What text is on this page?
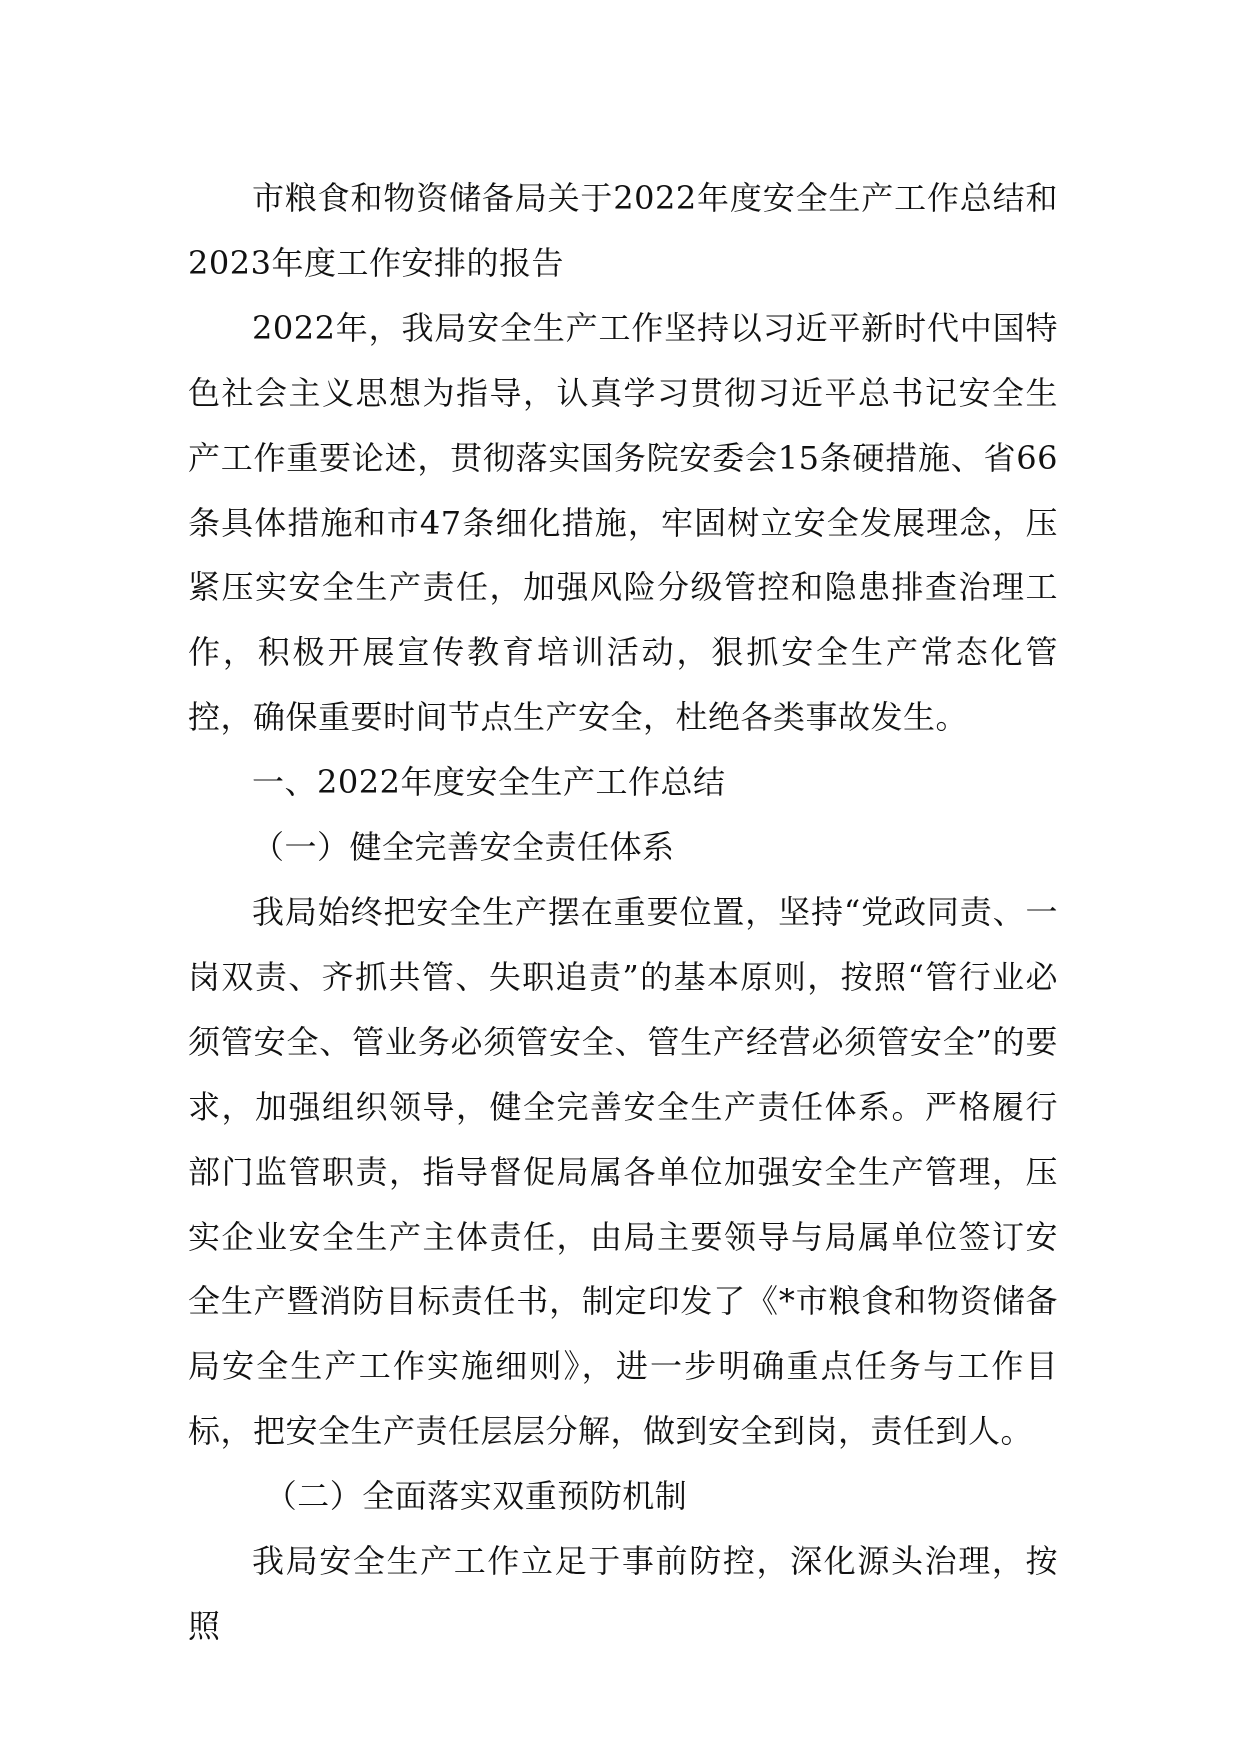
市粮食和物资储备局关于2022年度安全生产工作总结和2023年度工作安排的报告

2022年，我局安全生产工作坚持以习近平新时代中国特色社会主义思想为指导，认真学习贯彻习近平总书记安全生产工作重要论述，贯彻落实国务院安委会15条硬措施、省66条具体措施和市47条细化措施，牢固树立安全发展理念，压紧压实安全生产责任，加强风险分级管控和隐患排查治理工作，积极开展宣传教育培训活动，狠抓安全生产常态化管控，确保重要时间节点生产安全，杜绝各类事故发生。

一、2022年度安全生产工作总结

（一）健全完善安全责任体系

我局始终把安全生产摆在重要位置，坚持“党政同责、一岗双责、齐抓共管、失职追责”的基本原则，按照“管行业必须管安全、管业务必须管安全、管生产经营必须管安全”的要求，加强组织领导，健全完善安全生产责任体系。严格履行部门监管职责，指导督促局属各单位加强安全生产管理，压实企业安全生产主体责任，由局主要领导与局属单位签订安全生产暨消防目标责任书，制定印发了《*市粮食和物资储备局安全生产工作实施细则》，进一步明确重点任务与工作目标，把安全生产责任层层分解，做到安全到岗，责任到人。

（二）全面落实双重预防机制

我局安全生产工作立足于事前防控，深化源头治理，按照
